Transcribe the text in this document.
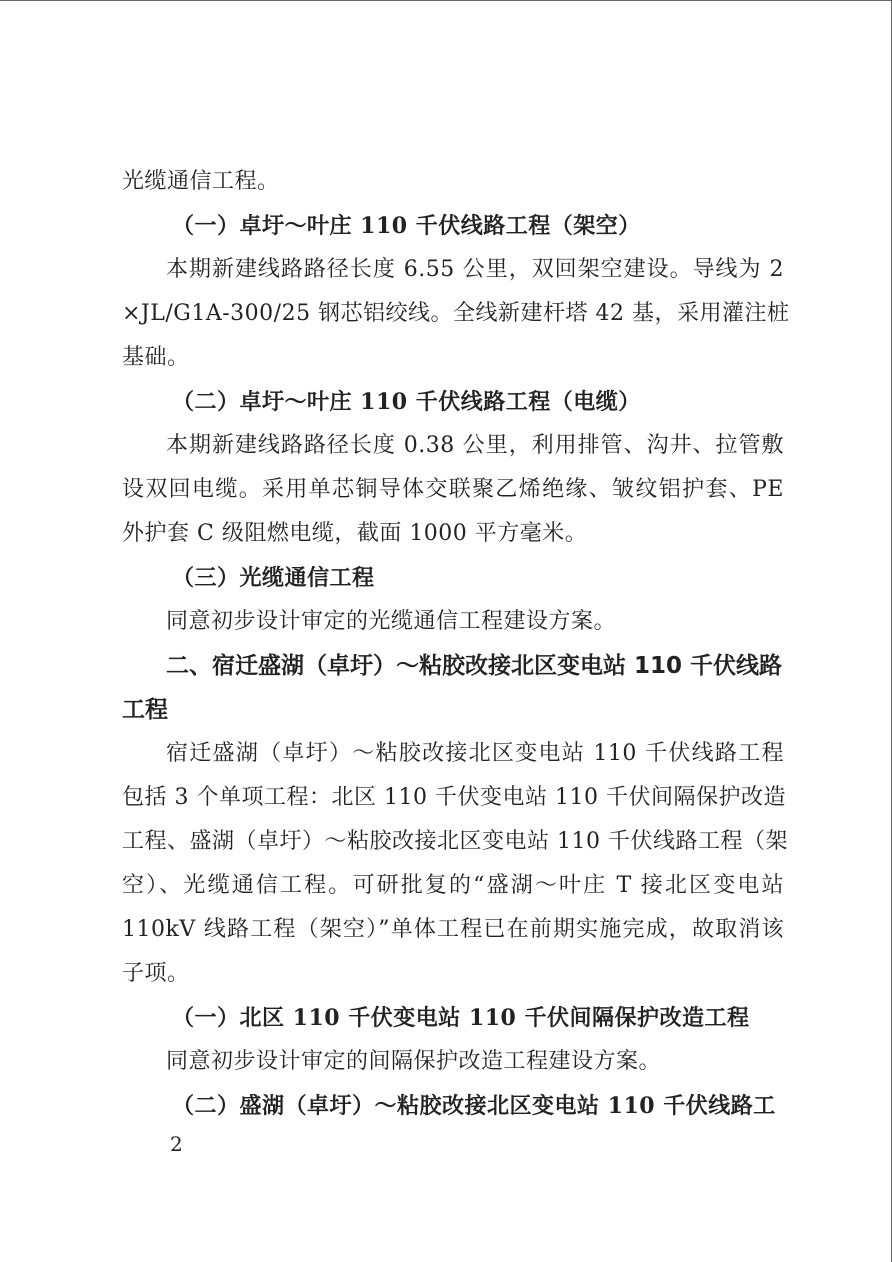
光缆通信工程。
（一）卓圩～叶庄 110 千伏线路工程（架空）
本期新建线路路径长度 6.55 公里，双回架空建设。导线为 2
×JL/G1A-300/25 钢芯铝绞线。全线新建杆塔 42 基，采用灌注桩
基础。
（二）卓圩～叶庄 110 千伏线路工程（电缆）
本期新建线路路径长度 0.38 公里，利用排管、沟井、拉管敷
设双回电缆。采用单芯铜导体交联聚乙烯绝缘、皱纹铝护套、PE
外护套 C 级阻燃电缆，截面 1000 平方毫米。
（三）光缆通信工程
同意初步设计审定的光缆通信工程建设方案。
二、宿迁盛湖（卓圩）～粘胶改接北区变电站 110 千伏线路
工程
宿迁盛湖（卓圩）～粘胶改接北区变电站 110 千伏线路工程
包括 3 个单项工程：北区 110 千伏变电站 110 千伏间隔保护改造
工程、盛湖（卓圩）～粘胶改接北区变电站 110 千伏线路工程（架
空）、光缆通信工程。可研批复的“盛湖～叶庄 T 接北区变电站
110kV 线路工程（架空）”单体工程已在前期实施完成，故取消该
子项。
（一）北区 110 千伏变电站 110 千伏间隔保护改造工程
同意初步设计审定的间隔保护改造工程建设方案。
（二）盛湖（卓圩）～粘胶改接北区变电站 110 千伏线路工
2
